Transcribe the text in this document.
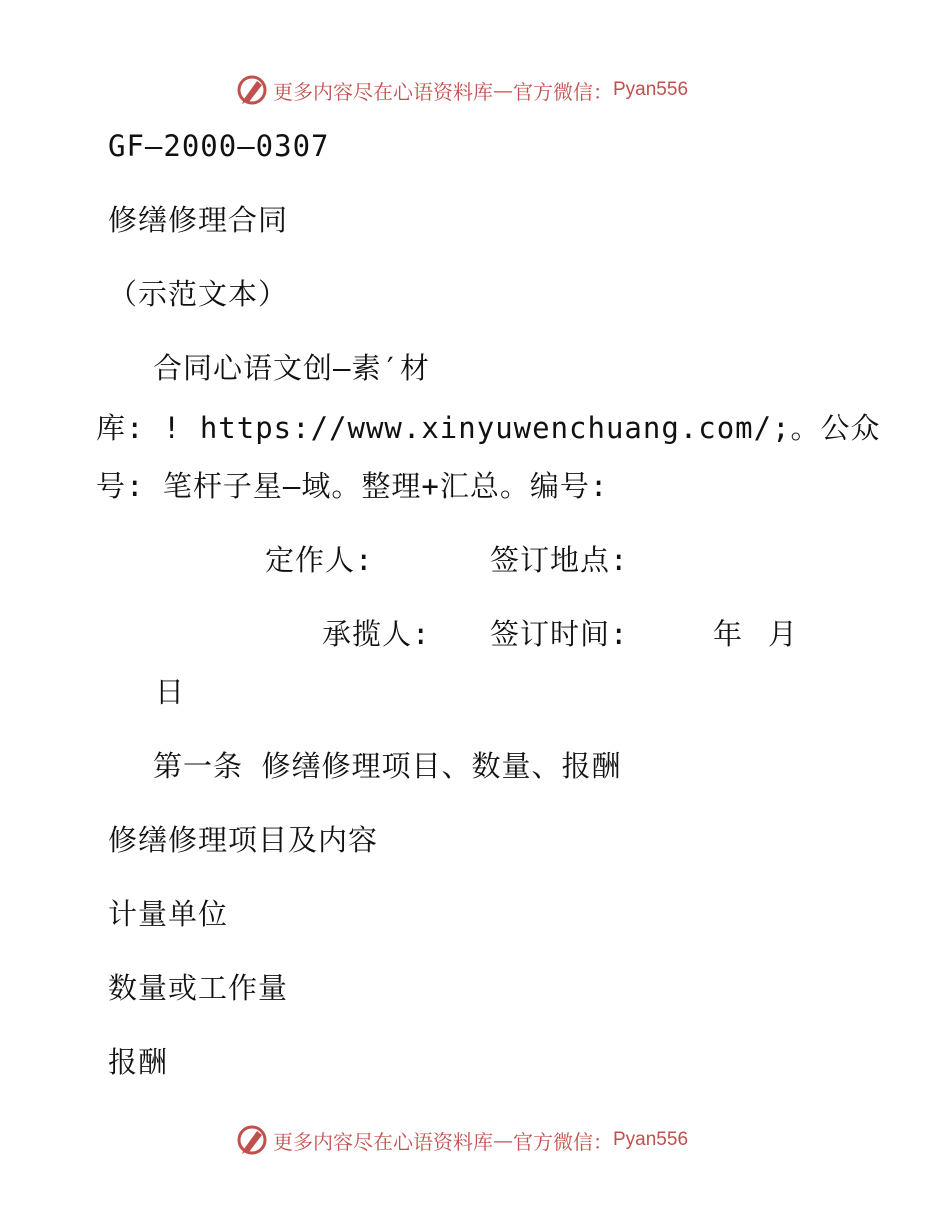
更多内容尽在心语资料库 — 官方微信 ： Pyan556
GF—2000—0307
修缮修理合同
（示范文本）
合同心语文创—素′材
库: ! https://www.xinyuwenchuang.com/;。公众
号: 笔杆子星—域。整理+汇总。编号:
定作人:	签订地点:
承揽人: 签订时间:	年 月
日
第一条 修缮修理项目、数量、报酬
修缮修理项目及内容
计量单位
数量或工作量
报酬
更多内容尽在心语资料库 — 官方微信 ： Pyan556
